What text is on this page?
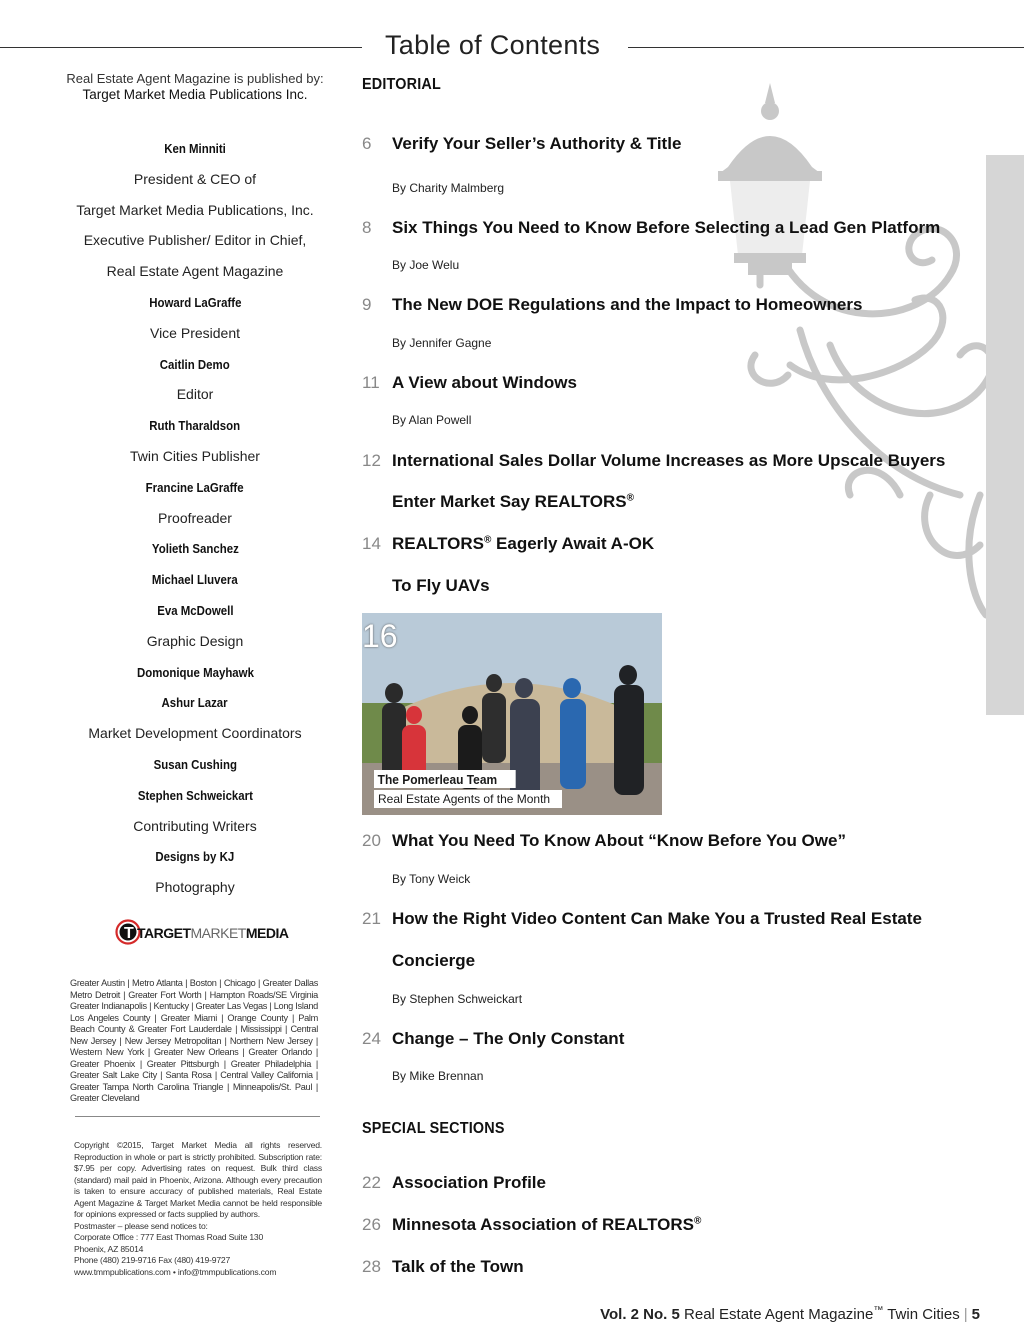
Table of Contents
Real Estate Agent Magazine is published by:
Target Market Media Publications Inc.
Ken Minniti
President & CEO of
Target Market Media Publications, Inc.
Executive Publisher/ Editor in Chief,
Real Estate Agent Magazine
Howard LaGraffe
Vice President
Caitlin Demo
Editor
Ruth Tharaldson
Twin Cities Publisher
Francine LaGraffe
Proofreader
Yolieth Sanchez
Michael Lluvera
Eva McDowell
Graphic Design
Domonique Mayhawk
Ashur Lazar
Market Development Coordinators
Susan Cushing
Stephen Schweickart
Contributing Writers
Designs by KJ
Photography
T TARGETMARKETMEDIA
Greater Austin | Metro Atlanta | Boston | Chicago | Greater Dallas Metro Detroit | Greater Fort Worth | Hampton Roads/SE Virginia Greater Indianapolis | Kentucky | Greater Las Vegas | Long Island Los Angeles County | Greater Miami | Orange County | Palm Beach County & Greater Fort Lauderdale | Mississippi | Central New Jersey | New Jersey Metropolitan | Northern New Jersey | Western New York | Greater New Orleans | Greater Orlando | Greater Phoenix | Greater Pittsburgh | Greater Philadelphia | Greater Salt Lake City | Santa Rosa | Central Valley California | Greater Tampa North Carolina Triangle | Minneapolis/St. Paul | Greater Cleveland
Copyright ©2015, Target Market Media all rights reserved. Reproduction in whole or part is strictly prohibited. Subscription rate: $7.95 per copy. Advertising rates on request. Bulk third class (standard) mail paid in Phoenix, Arizona. Although every precaution is taken to ensure accuracy of published materials, Real Estate Agent Magazine & Target Market Media cannot be held responsible for opinions expressed or facts supplied by authors.
Postmaster – please send notices to:
Corporate Office : 777 East Thomas Road Suite 130
Phoenix, AZ 85014
Phone (480) 219-9716 Fax (480) 419-9727
www.tmmpublications.com • info@tmmpublications.com
EDITORIAL
6 Verify Your Seller’s Authority & Title
By Charity Malmberg
8 Six Things You Need to Know Before Selecting a Lead Gen Platform
By Joe Welu
9 The New DOE Regulations and the Impact to Homeowners
By Jennifer Gagne
11 A View about Windows
By Alan Powell
12 International Sales Dollar Volume Increases as More Upscale Buyers
Enter Market Say REALTORS®
14 REALTORS® Eagerly Await A-OK
To Fly UAVs
20 What You Need To Know About “Know Before You Owe”
By Tony Weick
21 How the Right Video Content Can Make You a Trusted Real Estate
Concierge
By Stephen Schweickart
24 Change – The Only Constant
By Mike Brennan
16
The Pomerleau Team
Real Estate Agents of the Month
SPECIAL SECTIONS
22 Association Profile
26 Minnesota Association of REALTORS®
28 Talk of the Town
Vol. 2 No. 5 Real Estate Agent Magazine™ Twin Cities | 5
